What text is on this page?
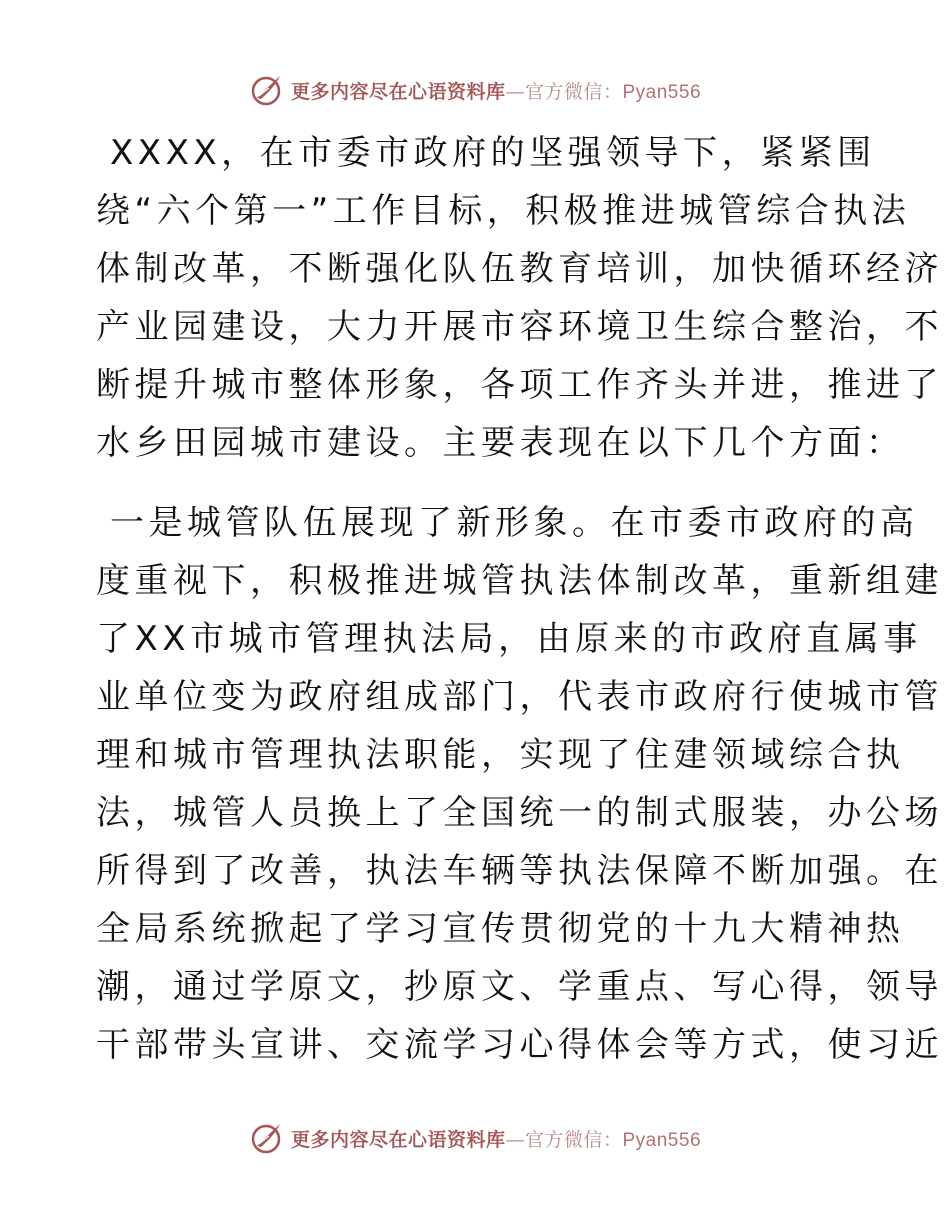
更多内容尽在心语资料库—官方微信：Pyan556
XXXX，在市委市政府的坚强领导下，紧紧围
绕“六个第一”工作目标，积极推进城管综合执法
体制改革，不断强化队伍教育培训，加快循环经济
产业园建设，大力开展市容环境卫生综合整治，不
断提升城市整体形象，各项工作齐头并进，推进了
水乡田园城市建设。主要表现在以下几个方面：
一是城管队伍展现了新形象。在市委市政府的高
度重视下，积极推进城管执法体制改革，重新组建
了XX市城市管理执法局，由原来的市政府直属事
业单位变为政府组成部门，代表市政府行使城市管
理和城市管理执法职能，实现了住建领域综合执
法，城管人员换上了全国统一的制式服装，办公场
所得到了改善，执法车辆等执法保障不断加强。在
全局系统掀起了学习宣传贯彻党的十九大精神热
潮，通过学原文，抄原文、学重点、写心得，领导
干部带头宣讲、交流学习心得体会等方式，使习近
更多内容尽在心语资料库—官方微信：Pyan556
